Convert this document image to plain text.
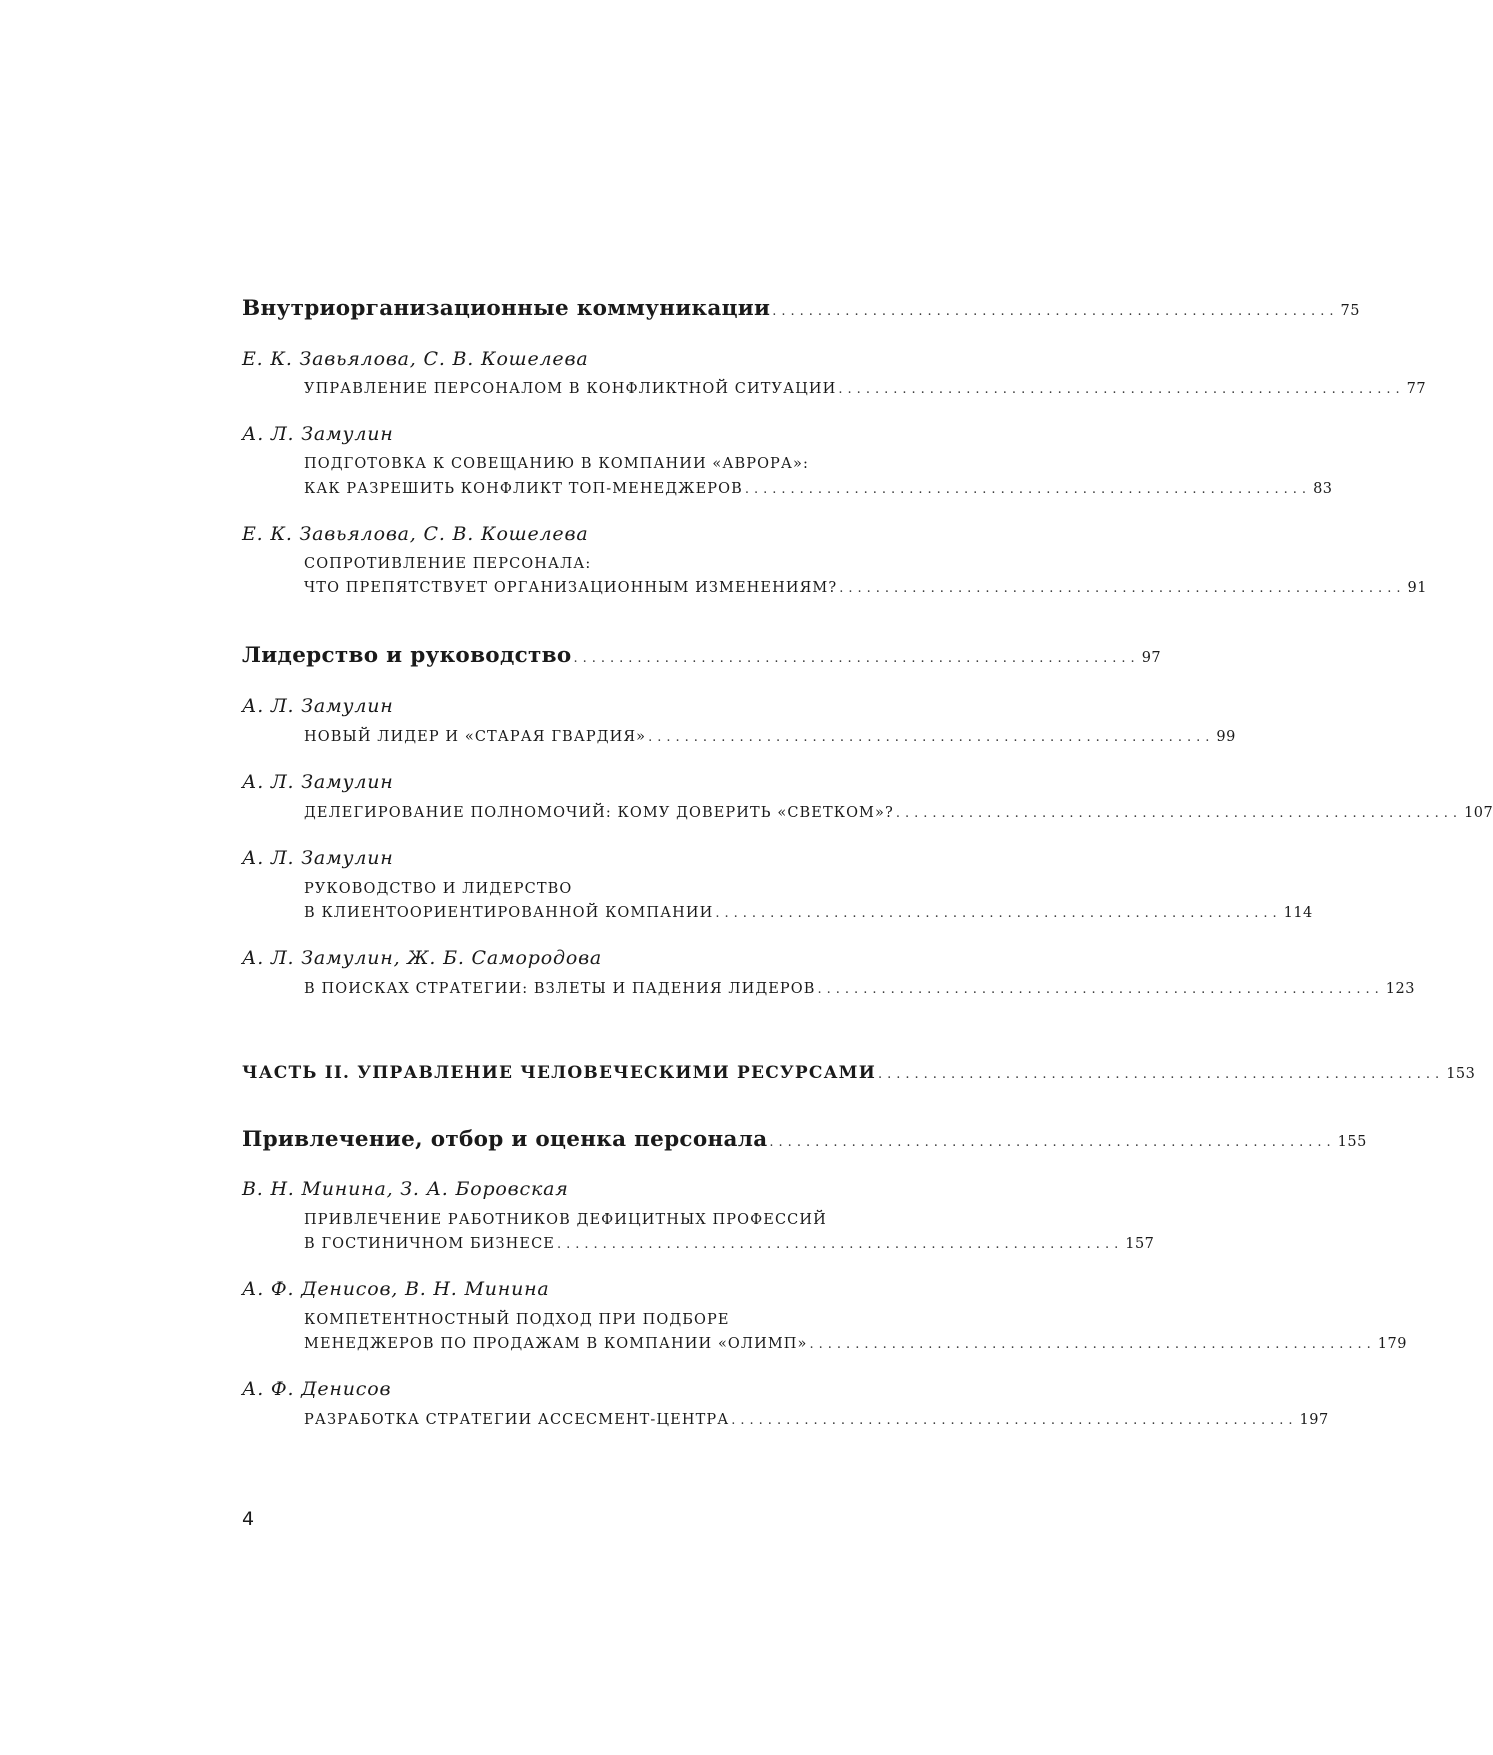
Внутриорганизационные коммуникации .............................................................. 75
Е. К. Завьялова, С. В. Кошелева
УПРАВЛЕНИЕ ПЕРСОНАЛОМ В КОНФЛИКТНОЙ СИТУАЦИИ .............................................................. 77
А. Л. Замулин
ПОДГОТОВКА К СОВЕЩАНИЮ В КОМПАНИИ «АВРОРА»:
КАК РАЗРЕШИТЬ КОНФЛИКТ ТОП-МЕНЕДЖЕРОВ .............................................................. 83
Е. К. Завьялова, С. В. Кошелева
СОПРОТИВЛЕНИЕ ПЕРСОНАЛА:
ЧТО ПРЕПЯТСТВУЕТ ОРГАНИЗАЦИОННЫМ ИЗМЕНЕНИЯМ? .............................................................. 91
Лидерство и руководство .............................................................. 97
А. Л. Замулин
НОВЫЙ ЛИДЕР И «СТАРАЯ ГВАРДИЯ» .............................................................. 99
А. Л. Замулин
ДЕЛЕГИРОВАНИЕ ПОЛНОМОЧИЙ: КОМУ ДОВЕРИТЬ «СВЕТКОМ»? .............................................................. 107
А. Л. Замулин
РУКОВОДСТВО И ЛИДЕРСТВО
В КЛИЕНТООРИЕНТИРОВАННОЙ КОМПАНИИ .............................................................. 114
А. Л. Замулин, Ж. Б. Самородова
В ПОИСКАХ СТРАТЕГИИ: ВЗЛЕТЫ И ПАДЕНИЯ ЛИДЕРОВ .............................................................. 123
ЧАСТЬ II. УПРАВЛЕНИЕ ЧЕЛОВЕЧЕСКИМИ РЕСУРСАМИ .............................................................. 153
Привлечение, отбор и оценка персонала .............................................................. 155
В. Н. Минина, З. А. Боровская
ПРИВЛЕЧЕНИЕ РАБОТНИКОВ ДЕФИЦИТНЫХ ПРОФЕССИЙ
В ГОСТИНИЧНОМ БИЗНЕСЕ .............................................................. 157
А. Ф. Денисов, В. Н. Минина
КОМПЕТЕНТНОСТНЫЙ ПОДХОД ПРИ ПОДБОРЕ
МЕНЕДЖЕРОВ ПО ПРОДАЖАМ В КОМПАНИИ «ОЛИМП» .............................................................. 179
А. Ф. Денисов
РАЗРАБОТКА СТРАТЕГИИ АССЕСМЕНТ-ЦЕНТРА .............................................................. 197
4
